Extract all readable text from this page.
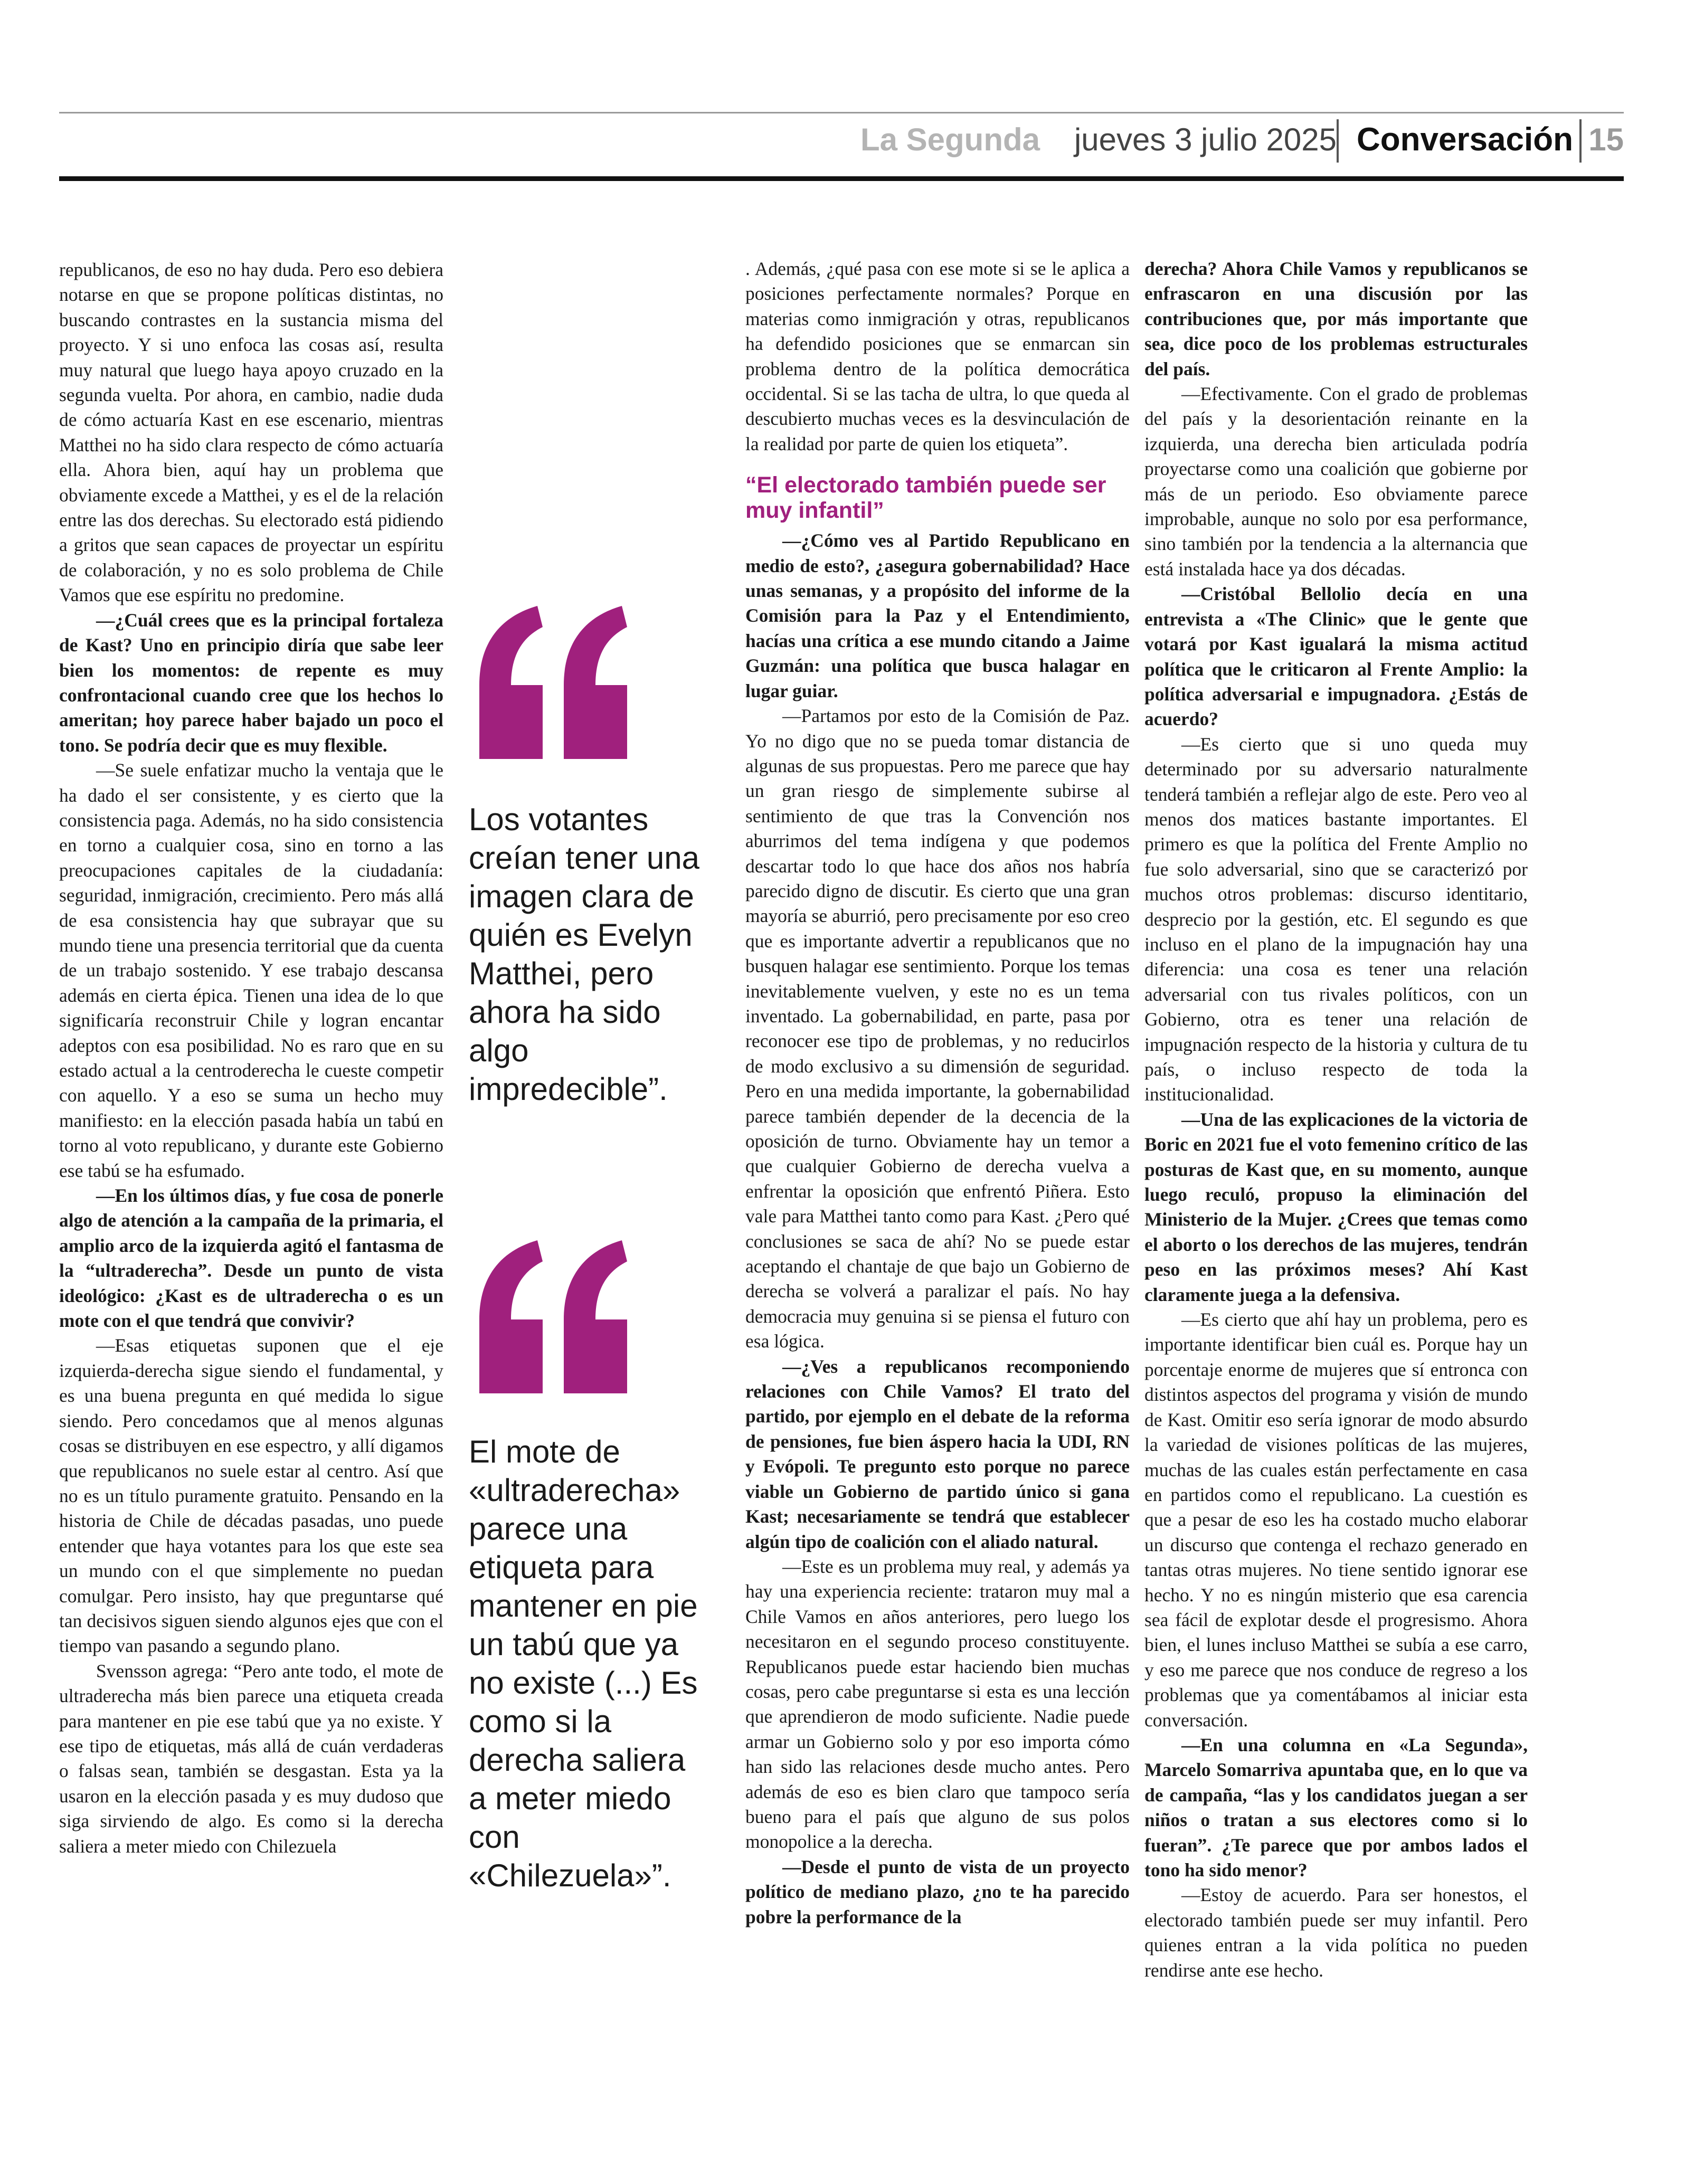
La Segunda jueves 3 julio 2025 Conversación 15

republicanos, de eso no hay duda. Pero eso debiera notarse en que se propone políticas distintas, no buscando contrastes en la sustancia misma del proyecto. Y si uno enfoca las cosas así, resulta muy natural que luego haya apoyo cruzado en la segunda vuelta. Por ahora, en cambio, nadie duda de cómo actuaría Kast en ese escenario, mientras Matthei no ha sido clara respecto de cómo actuaría ella. Ahora bien, aquí hay un problema que obviamente excede a Matthei, y es el de la relación entre las dos derechas. Su electorado está pidiendo a gritos que sean capaces de proyectar un espíritu de colaboración, y no es solo problema de Chile Vamos que ese espíritu no predomine.

—¿Cuál crees que es la principal fortaleza de Kast? Uno en principio diría que sabe leer bien los momentos: de repente es muy confrontacional cuando cree que los hechos lo ameritan; hoy parece haber bajado un poco el tono. Se podría decir que es muy flexible.

—Se suele enfatizar mucho la ventaja que le ha dado el ser consistente, y es cierto que la consistencia paga. Además, no ha sido consistencia en torno a cualquier cosa, sino en torno a las preocupaciones capitales de la ciudadanía: seguridad, inmigración, crecimiento. Pero más allá de esa consistencia hay que subrayar que su mundo tiene una presencia territorial que da cuenta de un trabajo sostenido. Y ese trabajo descansa además en cierta épica. Tienen una idea de lo que significaría reconstruir Chile y logran encantar adeptos con esa posibilidad. No es raro que en su estado actual a la centroderecha le cueste competir con aquello. Y a eso se suma un hecho muy manifiesto: en la elección pasada había un tabú en torno al voto republicano, y durante este Gobierno ese tabú se ha esfumado.

—En los últimos días, y fue cosa de ponerle algo de atención a la campaña de la primaria, el amplio arco de la izquierda agitó el fantasma de la “ultraderecha”. Desde un punto de vista ideológico: ¿Kast es de ultraderecha o es un mote con el que tendrá que convivir?

—Esas etiquetas suponen que el eje izquierda-derecha sigue siendo el fundamental, y es una buena pregunta en qué medida lo sigue siendo. Pero concedamos que al menos algunas cosas se distribuyen en ese espectro, y allí digamos que republicanos no suele estar al centro. Así que no es un título puramente gratuito. Pensando en la historia de Chile de décadas pasadas, uno puede entender que haya votantes para los que este sea un mundo con el que simplemente no puedan comulgar. Pero insisto, hay que preguntarse qué tan decisivos siguen siendo algunos ejes que con el tiempo van pasando a segundo plano.

Svensson agrega: “Pero ante todo, el mote de ultraderecha más bien parece una etiqueta creada para mantener en pie ese tabú que ya no existe. Y ese tipo de etiquetas, más allá de cuán verdaderas o falsas sean, también se desgastan. Esta ya la usaron en la elección pasada y es muy dudoso que siga sirviendo de algo. Es como si la derecha saliera a meter miedo con Chilezuela

Los votantes creían tener una imagen clara de quién es Evelyn Matthei, pero ahora ha sido algo impredecible”.
El mote de «ultraderecha» parece una etiqueta para mantener en pie un tabú que ya no existe (...) Es como si la derecha saliera a meter miedo con «Chilezuela»”.

. Además, ¿qué pasa con ese mote si se le aplica a posiciones perfectamente normales? Porque en materias como inmigración y otras, republicanos ha defendido posiciones que se enmarcan sin problema dentro de la política democrática occidental. Si se las tacha de ultra, lo que queda al descubierto muchas veces es la desvinculación de la realidad por parte de quien los etiqueta”.

“El electorado también puede ser muy infantil”

—¿Cómo ves al Partido Republicano en medio de esto?, ¿asegura gobernabilidad? Hace unas semanas, y a propósito del informe de la Comisión para la Paz y el Entendimiento, hacías una crítica a ese mundo citando a Jaime Guzmán: una política que busca halagar en lugar guiar.

—Partamos por esto de la Comisión de Paz. Yo no digo que no se pueda tomar distancia de algunas de sus propuestas. Pero me parece que hay un gran riesgo de simplemente subirse al sentimiento de que tras la Convención nos aburrimos del tema indígena y que podemos descartar todo lo que hace dos años nos habría parecido digno de discutir. Es cierto que una gran mayoría se aburrió, pero precisamente por eso creo que es importante advertir a republicanos que no busquen halagar ese sentimiento. Porque los temas inevitablemente vuelven, y este no es un tema inventado. La gobernabilidad, en parte, pasa por reconocer ese tipo de problemas, y no reducirlos de modo exclusivo a su dimensión de seguridad. Pero en una medida importante, la gobernabilidad parece también depender de la decencia de la oposición de turno. Obviamente hay un temor a que cualquier Gobierno de derecha vuelva a enfrentar la oposición que enfrentó Piñera. Esto vale para Matthei tanto como para Kast. ¿Pero qué conclusiones se saca de ahí? No se puede estar aceptando el chantaje de que bajo un Gobierno de derecha se volverá a paralizar el país. No hay democracia muy genuina si se piensa el futuro con esa lógica.

—¿Ves a republicanos recomponiendo relaciones con Chile Vamos? El trato del partido, por ejemplo en el debate de la reforma de pensiones, fue bien áspero hacia la UDI, RN y Evópoli. Te pregunto esto porque no parece viable un Gobierno de partido único si gana Kast; necesariamente se tendrá que establecer algún tipo de coalición con el aliado natural.

—Este es un problema muy real, y además ya hay una experiencia reciente: trataron muy mal a Chile Vamos en años anteriores, pero luego los necesitaron en el segundo proceso constituyente. Republicanos puede estar haciendo bien muchas cosas, pero cabe preguntarse si esta es una lección que aprendieron de modo suficiente. Nadie puede armar un Gobierno solo y por eso importa cómo han sido las relaciones desde mucho antes. Pero además de eso es bien claro que tampoco sería bueno para el país que alguno de sus polos monopolice a la derecha.

—Desde el punto de vista de un proyecto político de mediano plazo, ¿no te ha parecido pobre la performance de la

derecha? Ahora Chile Vamos y republicanos se enfrascaron en una discusión por las contribuciones que, por más importante que sea, dice poco de los problemas estructurales del país.

—Efectivamente. Con el grado de problemas del país y la desorientación reinante en la izquierda, una derecha bien articulada podría proyectarse como una coalición que gobierne por más de un periodo. Eso obviamente parece improbable, aunque no solo por esa performance, sino también por la tendencia a la alternancia que está instalada hace ya dos décadas.

—Cristóbal Bellolio decía en una entrevista a «The Clinic» que le gente que votará por Kast igualará la misma actitud política que le criticaron al Frente Amplio: la política adversarial e impugnadora. ¿Estás de acuerdo?

—Es cierto que si uno queda muy determinado por su adversario naturalmente tenderá también a reflejar algo de este. Pero veo al menos dos matices bastante importantes. El primero es que la política del Frente Amplio no fue solo adversarial, sino que se caracterizó por muchos otros problemas: discurso identitario, desprecio por la gestión, etc. El segundo es que incluso en el plano de la impugnación hay una diferencia: una cosa es tener una relación adversarial con tus rivales políticos, con un Gobierno, otra es tener una relación de impugnación respecto de la historia y cultura de tu país, o incluso respecto de toda la institucionalidad.

—Una de las explicaciones de la victoria de Boric en 2021 fue el voto femenino crítico de las posturas de Kast que, en su momento, aunque luego reculó, propuso la eliminación del Ministerio de la Mujer. ¿Crees que temas como el aborto o los derechos de las mujeres, tendrán peso en las próximos meses? Ahí Kast claramente juega a la defensiva.

—Es cierto que ahí hay un problema, pero es importante identificar bien cuál es. Porque hay un porcentaje enorme de mujeres que sí entronca con distintos aspectos del programa y visión de mundo de Kast. Omitir eso sería ignorar de modo absurdo la variedad de visiones políticas de las mujeres, muchas de las cuales están perfectamente en casa en partidos como el republicano. La cuestión es que a pesar de eso les ha costado mucho elaborar un discurso que contenga el rechazo generado en tantas otras mujeres. No tiene sentido ignorar ese hecho. Y no es ningún misterio que esa carencia sea fácil de explotar desde el progresismo. Ahora bien, el lunes incluso Matthei se subía a ese carro, y eso me parece que nos conduce de regreso a los problemas que ya comentábamos al iniciar esta conversación.

—En una columna en «La Segunda», Marcelo Somarriva apuntaba que, en lo que va de campaña, “las y los candidatos juegan a ser niños o tratan a sus electores como si lo fueran”. ¿Te parece que por ambos lados el tono ha sido menor?

—Estoy de acuerdo. Para ser honestos, el electorado también puede ser muy infantil. Pero quienes entran a la vida política no pueden rendirse ante ese hecho.
